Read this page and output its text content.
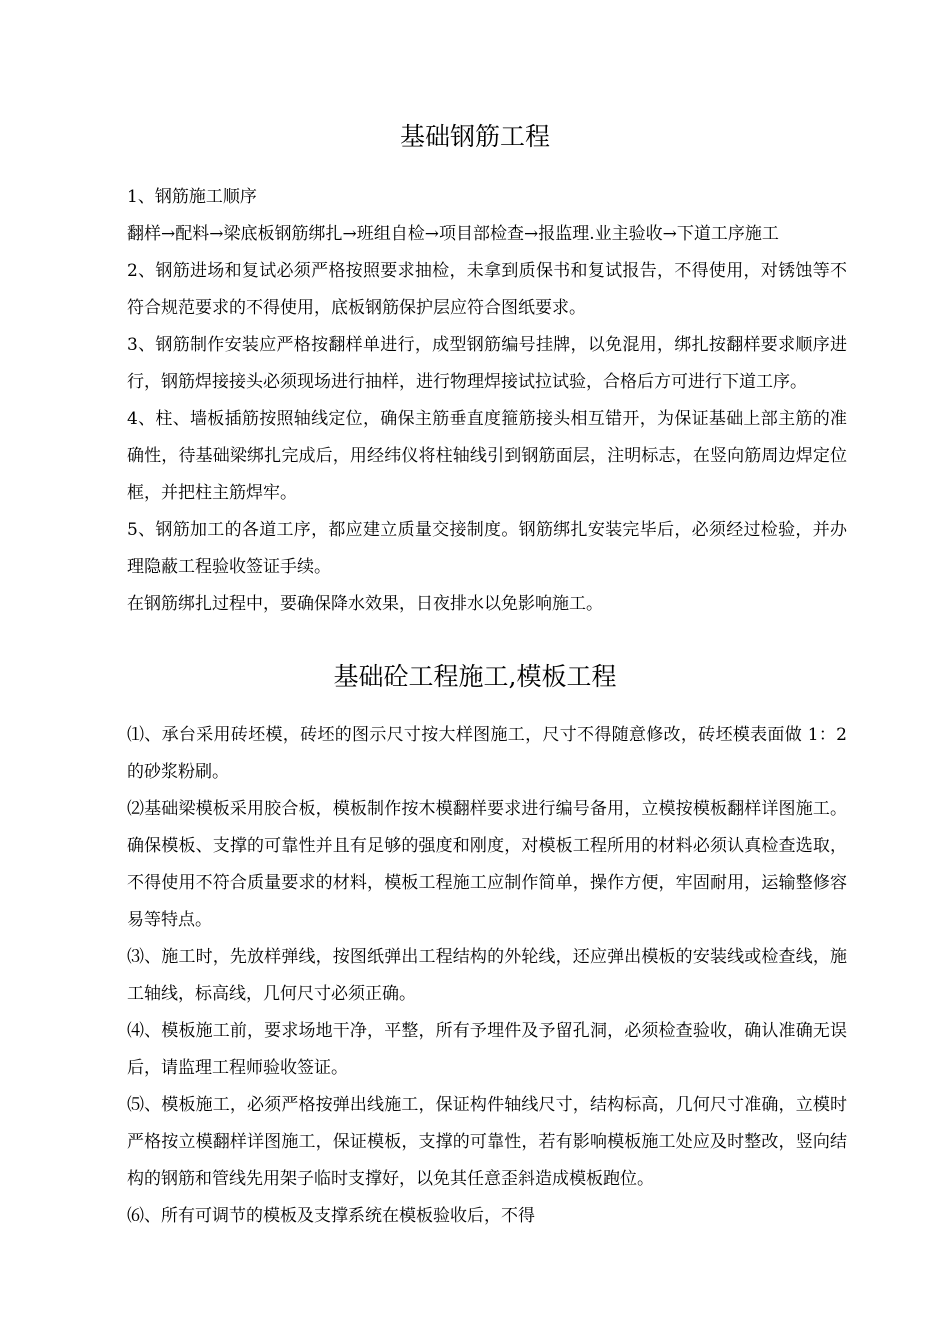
基础钢筋工程

1、钢筋施工顺序

翻样→配料→梁底板钢筋绑扎→班组自检→项目部检查→报监理.业主验收→下道工序施工

2、钢筋进场和复试必须严格按照要求抽检，未拿到质保书和复试报告，不得使用，对锈蚀等不符合规范要求的不得使用，底板钢筋保护层应符合图纸要求。

3、钢筋制作安装应严格按翻样单进行，成型钢筋编号挂牌，以免混用，绑扎按翻样要求顺序进行，钢筋焊接接头必须现场进行抽样，进行物理焊接试拉试验，合格后方可进行下道工序。

4、柱、墙板插筋按照轴线定位，确保主筋垂直度箍筋接头相互错开，为保证基础上部主筋的准确性，待基础梁绑扎完成后，用经纬仪将柱轴线引到钢筋面层，注明标志，在竖向筋周边焊定位框，并把柱主筋焊牢。

5、钢筋加工的各道工序，都应建立质量交接制度。钢筋绑扎安装完毕后，必须经过检验，并办理隐蔽工程验收签证手续。

在钢筋绑扎过程中，要确保降水效果，日夜排水以免影响施工。

基础砼工程施工,模板工程

⑴、承台采用砖坯模，砖坯的图示尺寸按大样图施工，尺寸不得随意修改，砖坯模表面做 1：2 的砂浆粉刷。

⑵基础梁模板采用胶合板，模板制作按木模翻样要求进行编号备用，立模按模板翻样详图施工。确保模板、支撑的可靠性并且有足够的强度和刚度，对模板工程所用的材料必须认真检查选取，不得使用不符合质量要求的材料，模板工程施工应制作简单，操作方便，牢固耐用，运输整修容易等特点。

⑶、施工时，先放样弹线，按图纸弹出工程结构的外轮线，还应弹出模板的安装线或检查线，施工轴线，标高线，几何尺寸必须正确。

⑷、模板施工前，要求场地干净，平整，所有予埋件及予留孔洞，必须检查验收，确认准确无误后，请监理工程师验收签证。

⑸、模板施工，必须严格按弹出线施工，保证构件轴线尺寸，结构标高，几何尺寸准确，立模时严格按立模翻样详图施工，保证模板，支撑的可靠性，若有影响模板施工处应及时整改，竖向结构的钢筋和管线先用架子临时支撑好，以免其任意歪斜造成模板跑位。

⑹、所有可调节的模板及支撑系统在模板验收后，不得
